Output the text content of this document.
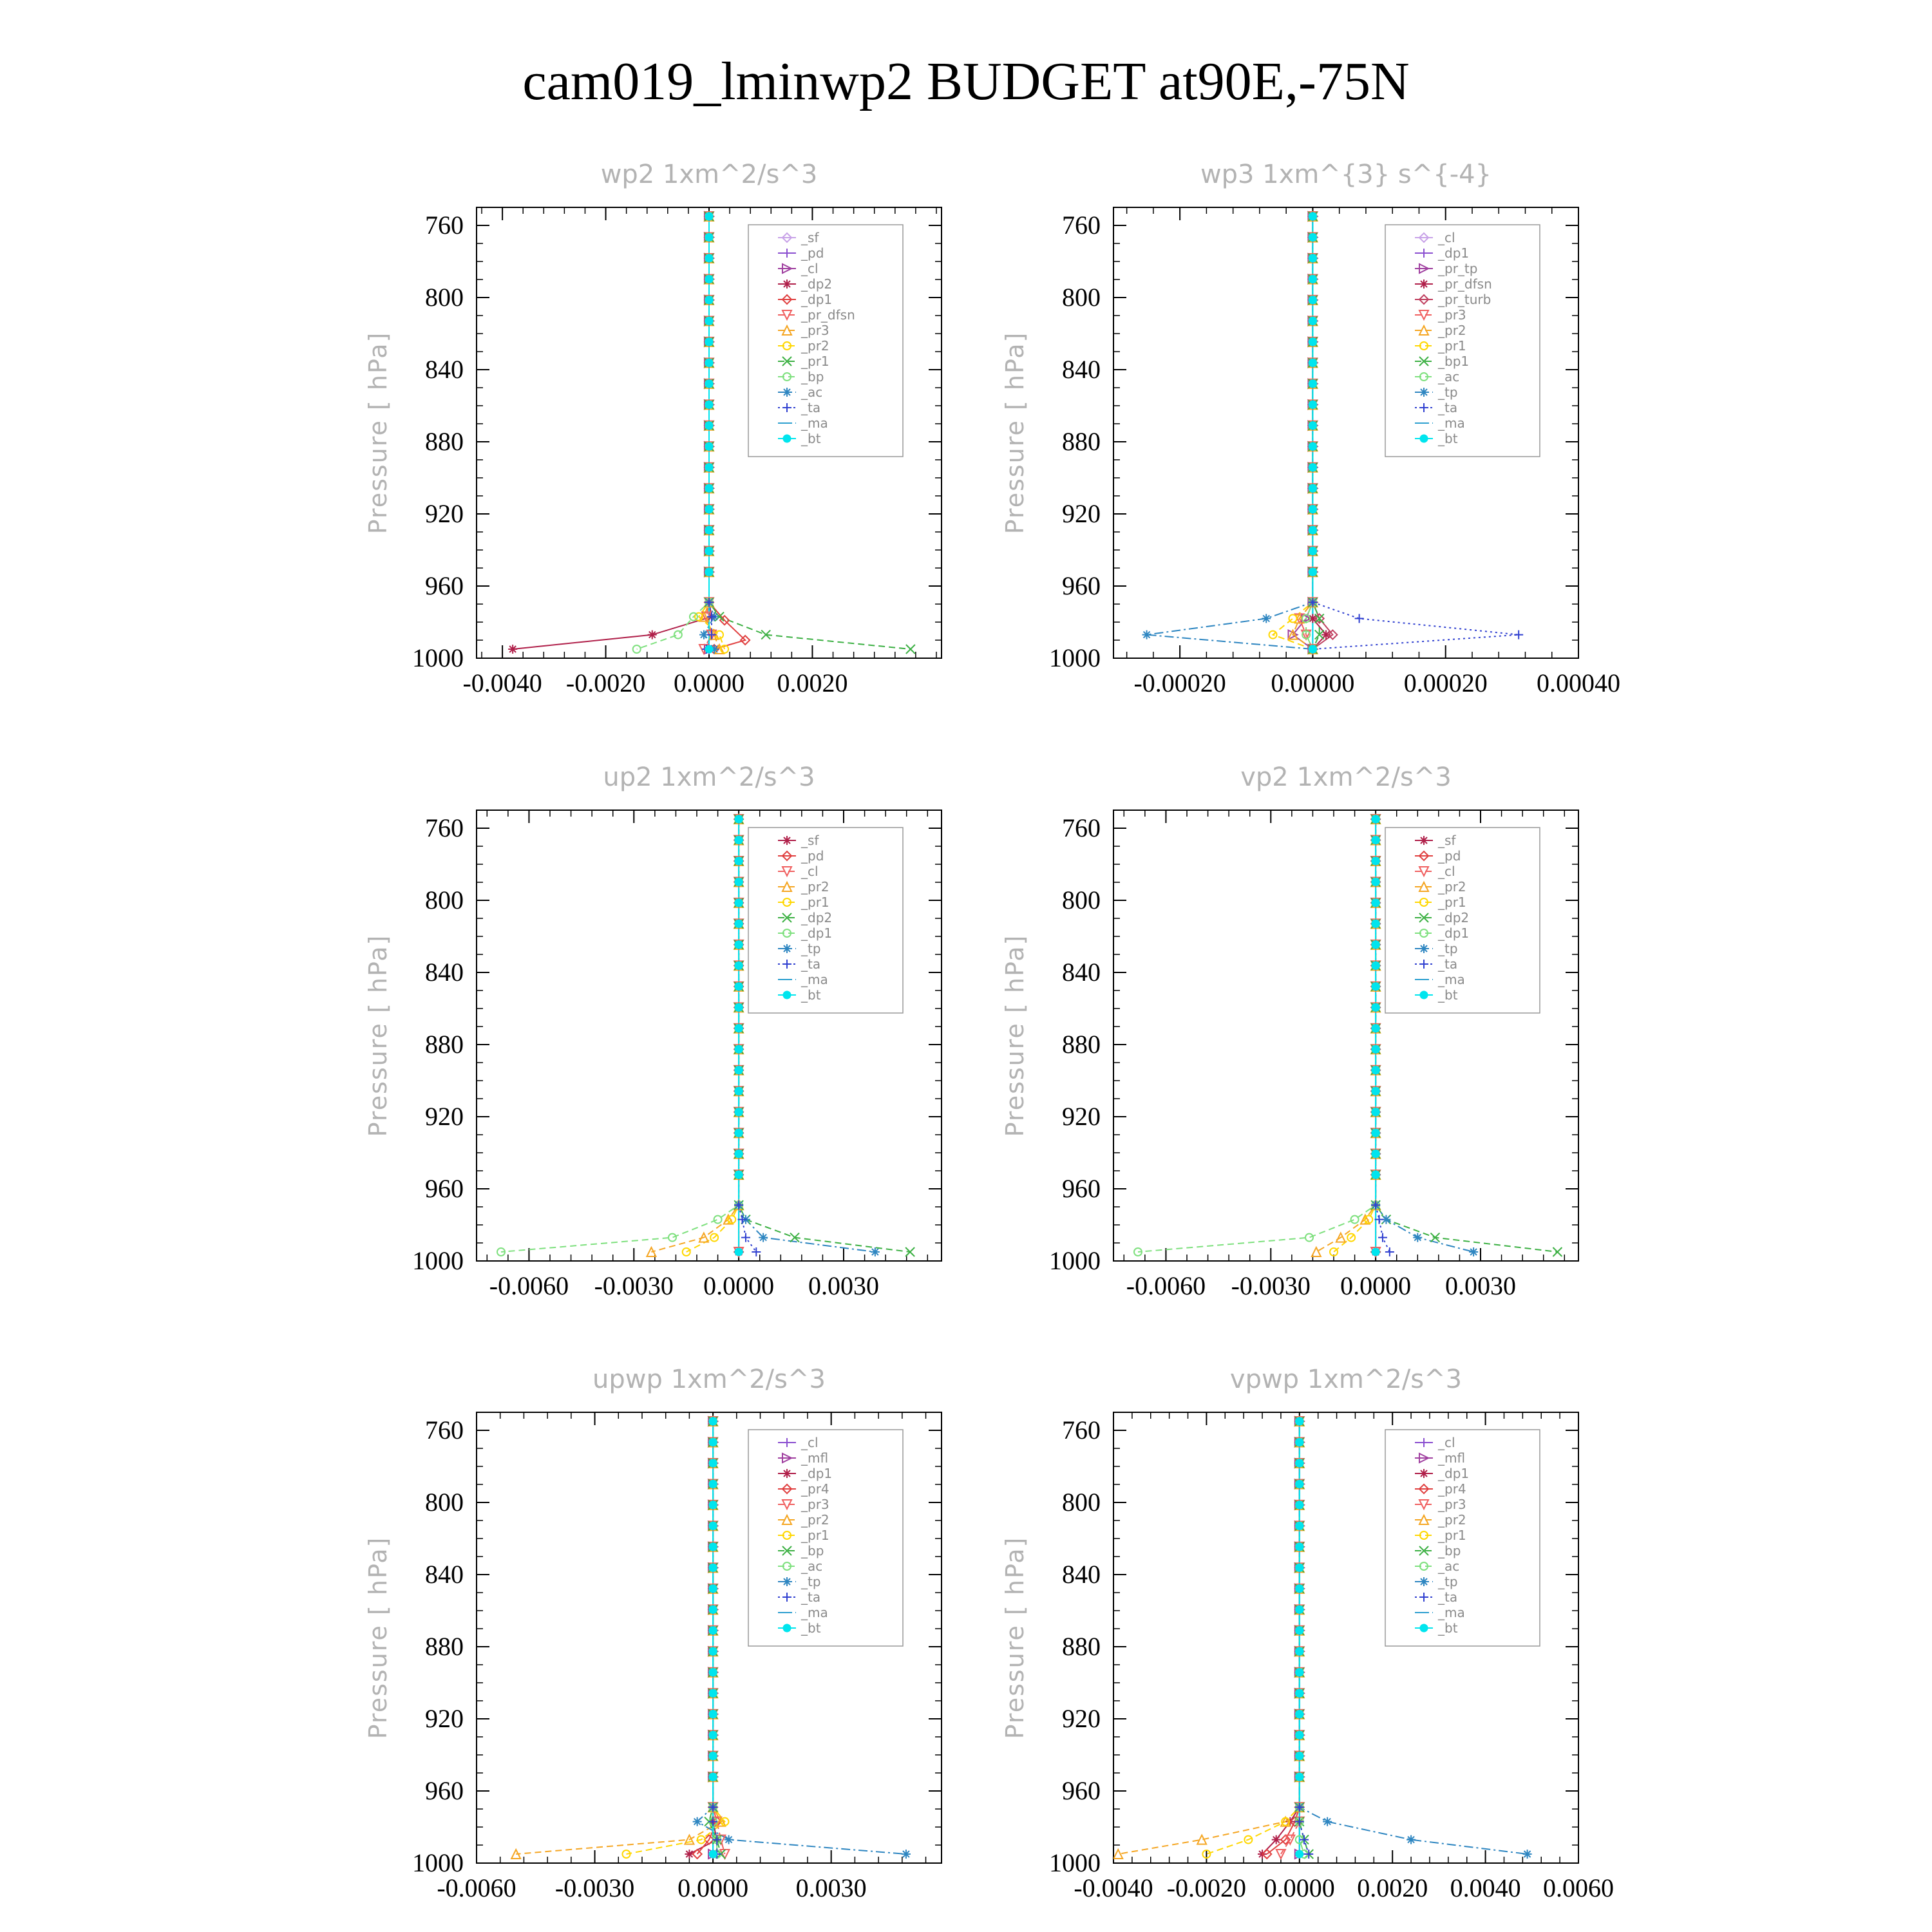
cam019_lminwp2 BUDGET at90E,-75N
wp2 1xm^2/s^3
Pressure [ hPa]
760
800
840
880
920
960
1000
-0.0040 -0.0020 0.0000 0.0020
_sf
_pd
_cl
_dp2
_dp1
_pr_dfsn
_pr3
_pr2
_pr1
_bp
_ac
_ta
_ma
_bt
wp3 1xm^{3} s^{-4}
Pressure [ hPa]
760
800
840
880
920
960
1000
-0.00020 0.00000 0.00020 0.00040
_cl
_dp1
_pr_tp
_pr_dfsn
_pr_turb
_pr3
_pr2
_pr1
_bp1
_ac
_tp
_ta
_ma
_bt
up2 1xm^2/s^3
Pressure [ hPa]
760
800
840
880
920
960
1000
-0.0060 -0.0030 0.0000 0.0030
_sf
_pd
_cl
_pr2
_pr1
_dp2
_dp1
_tp
_ta
_ma
_bt
vp2 1xm^2/s^3
Pressure [ hPa]
760
800
840
880
920
960
1000
-0.0060 -0.0030 0.0000 0.0030
_sf
_pd
_cl
_pr2
_pr1
_dp2
_dp1
_tp
_ta
_ma
_bt
upwp 1xm^2/s^3
Pressure [ hPa]
760
800
840
880
920
960
1000
-0.0060 -0.0030 0.0000 0.0030
_cl
_mfl
_dp1
_pr4
_pr3
_pr2
_pr1
_bp
_ac
_tp
_ta
_ma
_bt
vpwp 1xm^2/s^3
Pressure [ hPa]
760
800
840
880
920
960
1000
-0.0040 -0.0020 0.0000 0.0020 0.0040 0.0060
_cl
_mfl
_dp1
_pr4
_pr3
_pr2
_pr1
_bp
_ac
_tp
_ta
_ma
_bt
